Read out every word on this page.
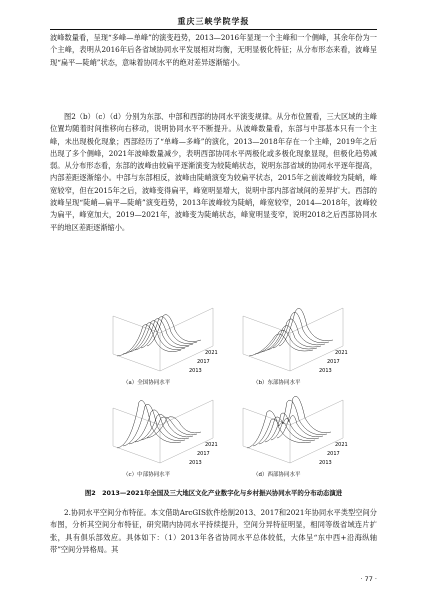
重庆三峡学院学报

波峰数量看，呈现“多峰—单峰”的演变趋势，2013—2016年显现一个主峰和一个侧峰，其余年份为一个主峰，表明从2016年后各省域协同水平发展相对均衡，无明显极化特征；从分布形态来看，波峰呈现“扁平—陡峭”状态，意味着协同水平的绝对差异逐渐缩小。

图2（b）（c）（d）分别为东部、中部和西部的协同水平演变规律。从分布位置看，三大区域的主峰位置均随着时间推移向右移动，说明协同水平不断提升。从波峰数量看，东部与中部基本只有一个主峰，未出现极化现象；西部经历了“单峰—多峰”的演化，2013—2018年存在一个主峰，2019年之后出现了多个侧峰，2021年波峰数量减少，表明西部协同水平两极化或多极化现象显现，但极化趋势减弱。从分布形态看，东部的波峰由较扁平逐渐演变为较陡峭状态，说明东部省域的协同水平逐年提高，内部差距逐渐缩小。中部与东部相反，波峰由陡峭演变为较扁平状态，2015年之前波峰较为陡峭，峰宽较窄，但在2015年之后，波峰变得扁平，峰宽明显增大，说明中部内部省域间的差异扩大。西部的波峰呈现“陡峭—扁平—陡峭”演变趋势，2013年波峰较为陡峭，峰宽较窄，2014—2018年，波峰较为扁平，峰宽加大，2019—2021年，波峰变为陡峭状态，峰宽明显变窄，说明2018之后西部协同水平的地区差距逐渐缩小。

2021
2017
2013
（a）全国协同水平
2021
2017
2013
（b）东部协同水平
2021
2017
2013
（c）中部协同水平
2021
2017
2013
（d）西部协同水平
图2　2013—2021年全国及三大地区文化产业数字化与乡村振兴协同水平的分布动态演进

2.协同水平空间分布特征。本文借助ArcGIS软件绘制2013、2017和2021年协同水平类型空间分布图，分析其空间分布特征，研究期内协同水平持续提升，空间分异特征明显，相同等级省域连片扩张，具有俱乐部效应。具体如下：（1）2013年各省协同水平总体较低，大体呈“东中西+沿海纵轴带”空间分异格局。其

· 77 ·
